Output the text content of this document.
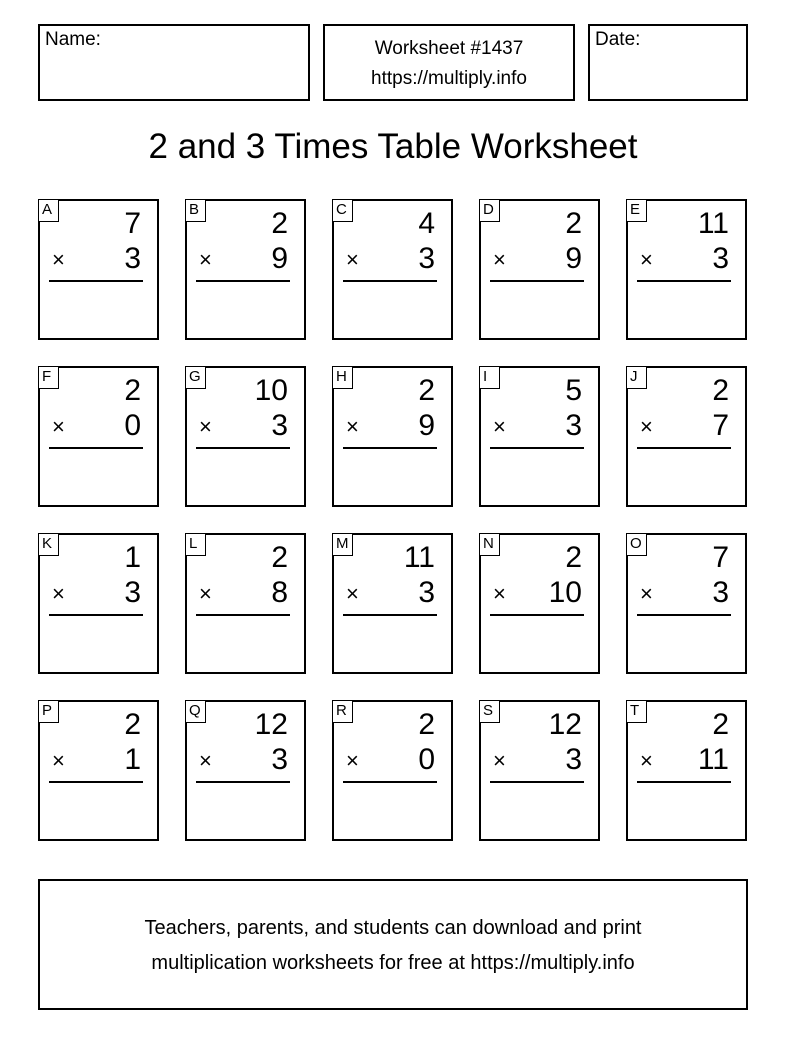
Name:	Worksheet #1437
https://multiply.info
Date:
2 and 3 Times Table Worksheet
A 7
× 3
B 2
× 9
C 4
× 3
D 2
× 9
E 11
× 3
F 2
× 0
G 10
× 3
H 2
× 9
I	5
× 3
J	2
× 7
K 1
× 3
L 2
× 8
M 11
× 3
N 2
× 10
O 7
× 3
P 2
× 1
Q 12
× 3
R 2
× 0
S 12
× 3
T 2
× 11
Teachers, parents, and students can download and print
multiplication worksheets for free at https://multiply.info
